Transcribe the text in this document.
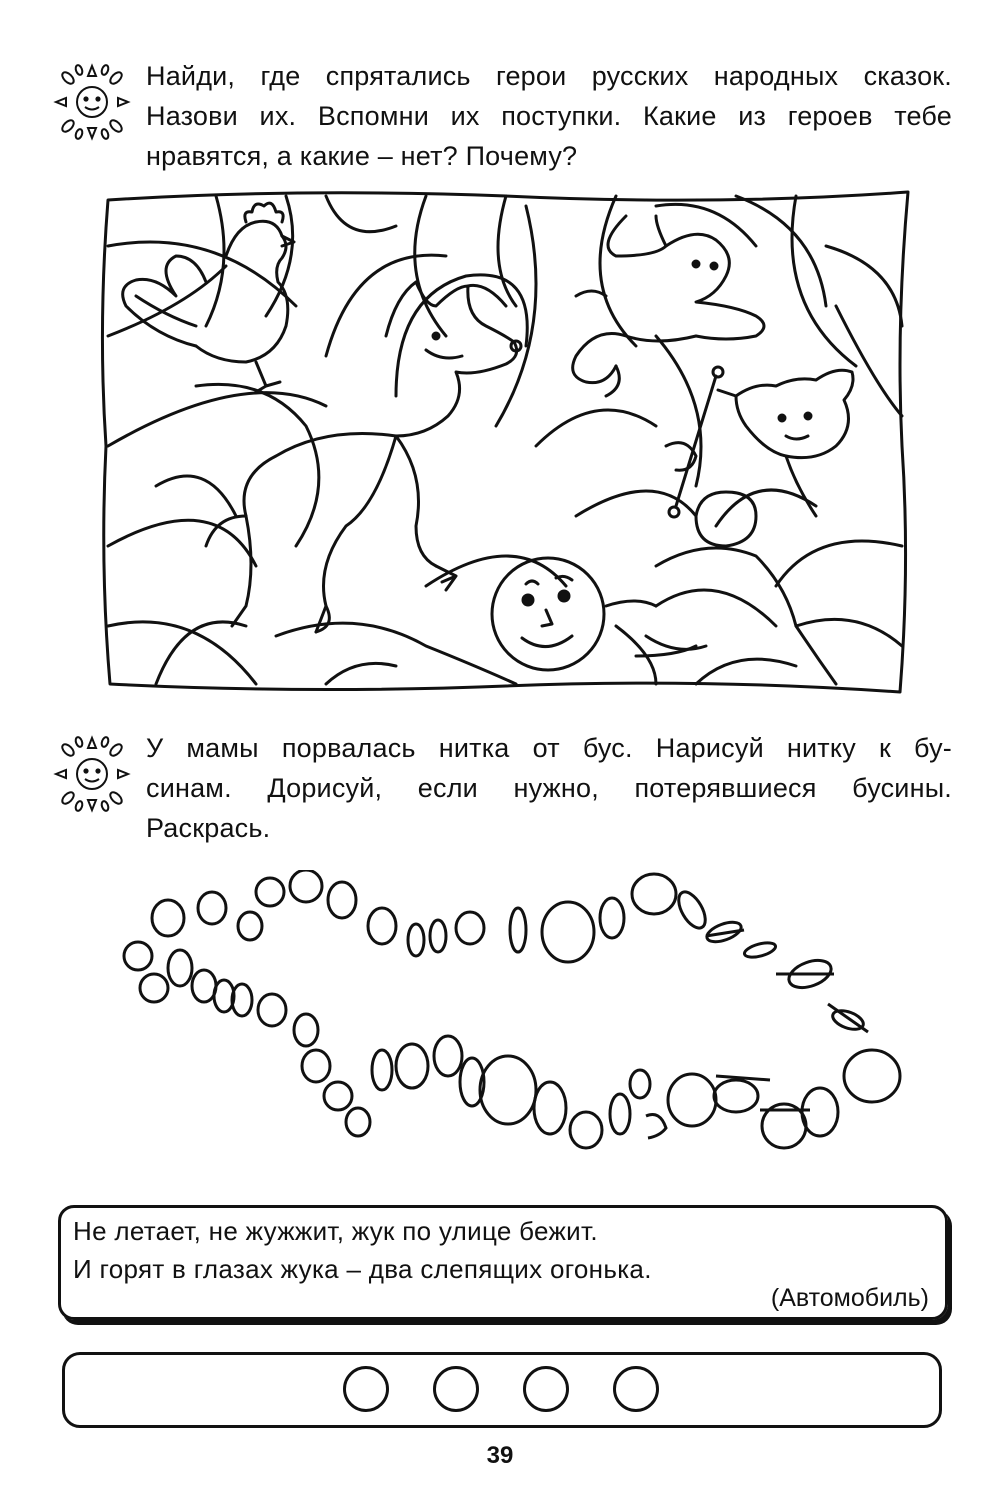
Найди, где спрятались герои русских народных сказок.
Назови их. Вспомни их поступки. Какие из героев тебе
нравятся, а какие – нет? Почему?

У мамы порвалась нитка от бус. Нарисуй нитку к бу-
синам. Дорисуй, если нужно, потерявшиеся бусины.
Раскрась.

Не летает, не жужжит, жук по улице бежит.

И горят в глазах жука – два слепящих огонька.

(Автомобиль)
39
